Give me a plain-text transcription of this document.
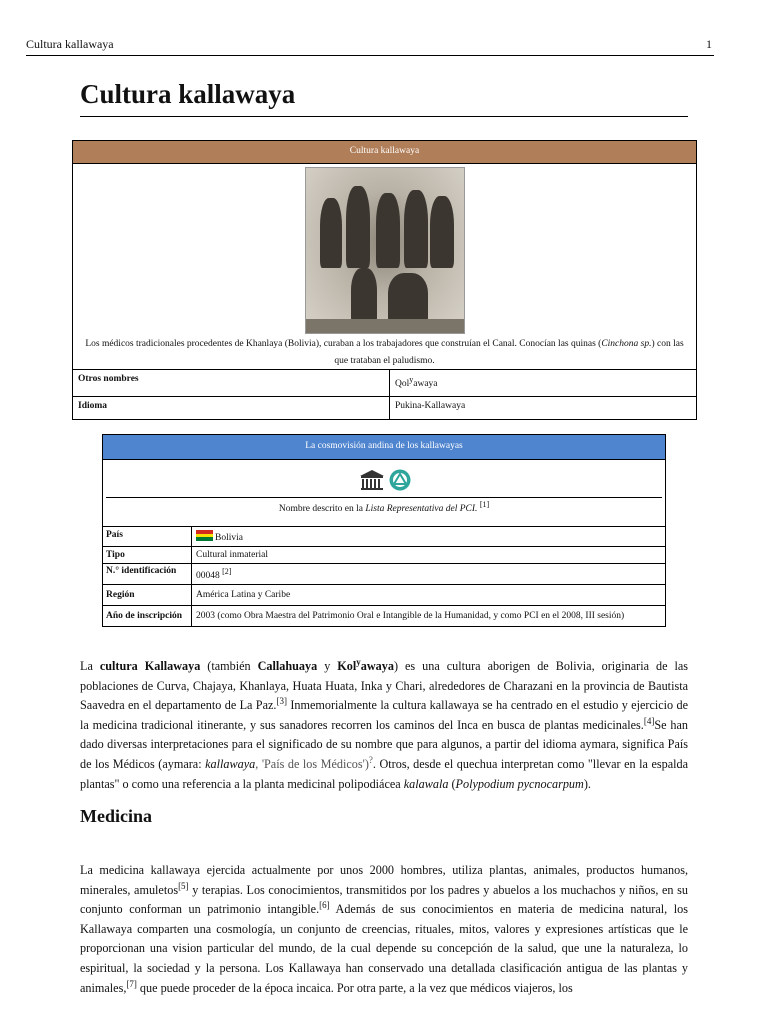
Cultura kallawaya	1
Cultura kallawaya
Cultura kallawaya
Los médicos tradicionales procedentes de Khanlaya (Bolivia), curaban a los trabajadores que construían el Canal. Conocían las quinas (Cinchona sp.) con las que trataban el paludismo.
Otros nombres	Qol$^y$awaya
Idioma	Pukina-Kallawaya
La cosmovisión andina de los kallawayas
Nombre descrito en la Lista Representativa del PCI. [1]
País	Bolivia
Tipo	Cultural inmaterial
N.° identificación	00048 [2]
Región	América Latina y Caribe
Año de inscripción	2003 (como Obra Maestra del Patrimonio Oral e Intangible de la Humanidad, y como PCI en el 2008, III sesión)

La cultura Kallawaya (también Callahuaya y Kol$^y$awaya) es una cultura aborigen de Bolivia, originaria de las poblaciones de Curva, Chajaya, Khanlaya, Huata Huata, Inka y Chari, alrededores de Charazani en la provincia de Bautista Saavedra en el departamento de La Paz.[3] Inmemorialmente la cultura kallawaya se ha centrado en el estudio y ejercicio de la medicina tradicional itinerante, y sus sanadores recorren los caminos del Inca en busca de plantas medicinales.[4]Se han dado diversas interpretaciones para el significado de su nombre que para algunos, a partir del idioma aymara, significa País de los Médicos (aymara: kallawaya, 'País de los Médicos')?. Otros, desde el quechua interpretan como "llevar en la espalda plantas" o como una referencia a la planta medicinal polipodiácea kalawala (Polypodium pycnocarpum).

Medicina

La medicina kallawaya ejercida actualmente por unos 2000 hombres, utiliza plantas, animales, productos humanos, minerales, amuletos[5] y terapias. Los conocimientos, transmitidos por los padres y abuelos a los muchachos y niños, en su conjunto conforman un patrimonio intangible.[6] Además de sus conocimientos en materia de medicina natural, los Kallawaya comparten una cosmología, un conjunto de creencias, rituales, mitos, valores y expresiones artísticas que le proporcionan una vision particular del mundo, de la cual depende su concepción de la salud, que une la naturaleza, lo espiritual, la sociedad y la persona. Los Kallawaya han conservado una detallada clasificación antigua de las plantas y animales,[7] que puede proceder de la época incaica. Por otra parte, a la vez que médicos viajeros, los
